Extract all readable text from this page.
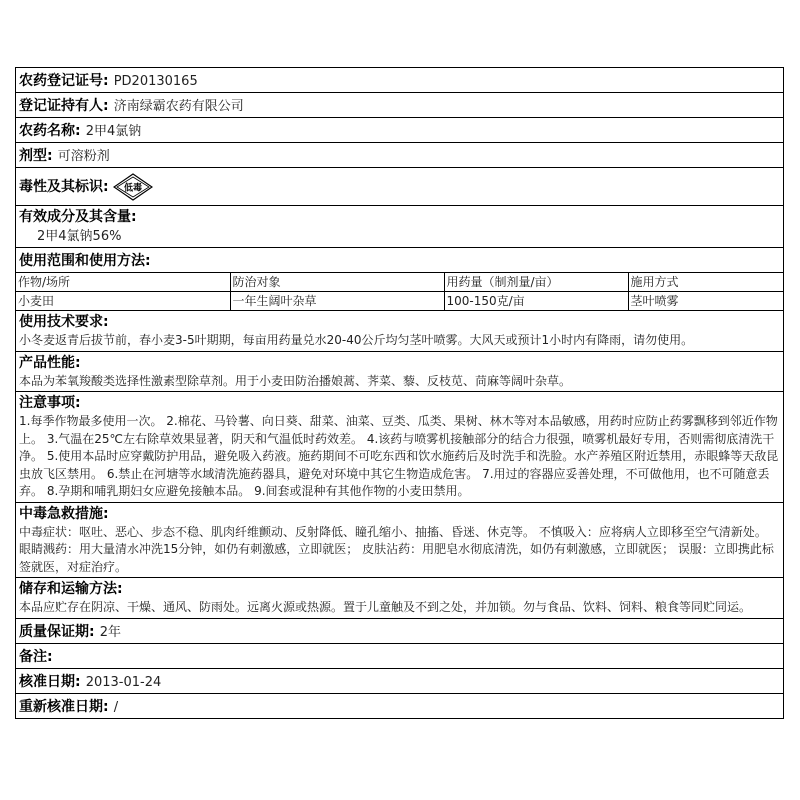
农药登记证号: PD20130165
登记证持有人: 济南绿霸农药有限公司
农药名称: 2甲4氯钠
剂型: 可溶粉剂
毒性及其标识: 低毒
有效成分及其含量:
2甲4氯钠56%
使用范围和使用方法:
作物/场所	防治对象	用药量（制剂量/亩）	施用方式
小麦田	一年生阔叶杂草	100-150克/亩	茎叶喷雾
使用技术要求:
小冬麦返青后拔节前，春小麦3-5叶期期，每亩用药量兑水20-40公斤均匀茎叶喷雾。大风天或预计1小时内有降雨，请勿使用。
产品性能:
本品为苯氧羧酸类选择性激素型除草剂。用于小麦田防治播娘蒿、荠菜、藜、反枝苋、苘麻等阔叶杂草。
注意事项:
1.每季作物最多使用一次。 2.棉花、马铃薯、向日葵、甜菜、油菜、豆类、瓜类、果树、林木等对本品敏感，用药时应防止药雾飘移到邻近作物上。 3.气温在25℃左右除草效果显著，阴天和气温低时药效差。 4.该药与喷雾机接触部分的结合力很强，喷雾机最好专用，否则需彻底清洗干净。 5.使用本品时应穿戴防护用品，避免吸入药液。施药期间不可吃东西和饮水施药后及时洗手和洗脸。水产养殖区附近禁用，赤眼蜂等天敌昆虫放飞区禁用。 6.禁止在河塘等水域清洗施药器具，避免对环境中其它生物造成危害。 7.用过的容器应妥善处理，不可做他用，也不可随意丢弃。 8.孕期和哺乳期妇女应避免接触本品。 9.间套或混种有其他作物的小麦田禁用。
中毒急救措施:
中毒症状：呕吐、恶心、步态不稳、肌肉纤维颤动、反射降低、瞳孔缩小、抽搐、昏迷、休克等。 不慎吸入：应将病人立即移至空气清新处。 眼睛溅药：用大量清水冲洗15分钟，如仍有刺激感，立即就医； 皮肤沾药：用肥皂水彻底清洗，如仍有刺激感，立即就医； 误服：立即携此标签就医，对症治疗。
储存和运输方法:
本品应贮存在阴凉、干燥、通风、防雨处。远离火源或热源。置于儿童触及不到之处，并加锁。勿与食品、饮料、饲料、粮食等同贮同运。
质量保证期: 2年
备注:
核准日期: 2013-01-24
重新核准日期: /
